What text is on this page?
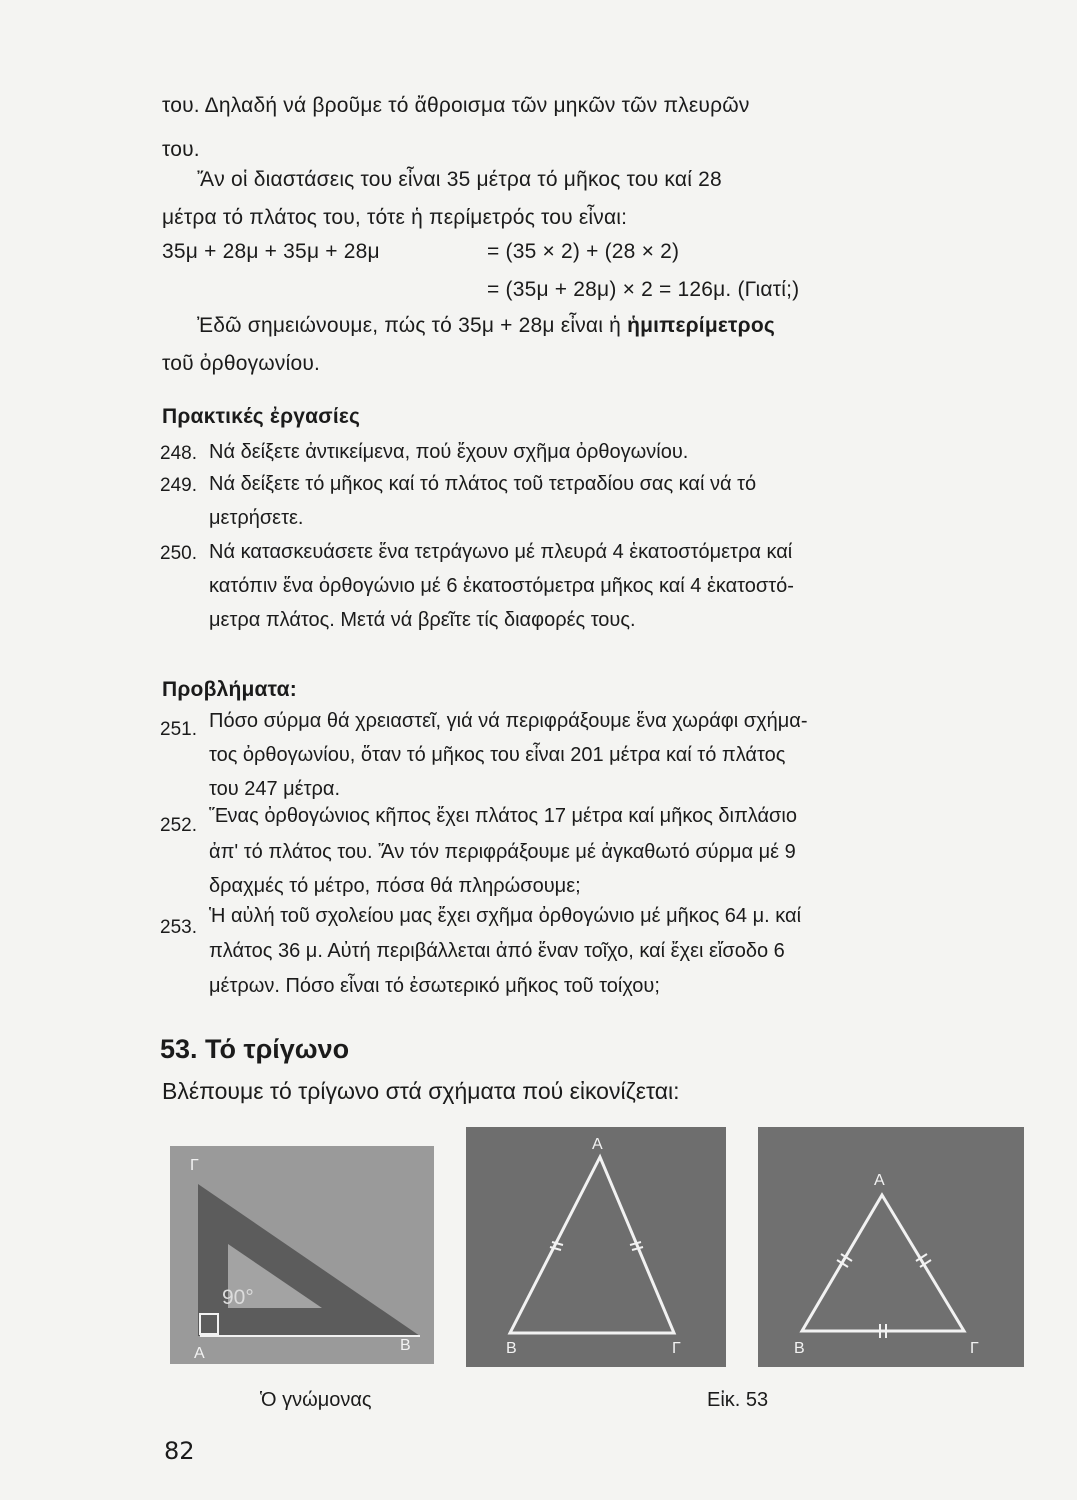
του. Δηλαδή νά βροῦμε τό ἄθροισμα τῶν μηκῶν τῶν πλευρῶν
του.
Ἄν οἱ διαστάσεις του εἶναι 35 μέτρα τό μῆκος του καί 28
μέτρα τό πλάτος του, τότε ἡ περίμετρός του εἶναι:
35μ + 28μ + 35μ + 28μ	= (35 × 2) + (28 × 2)
= (35μ + 28μ) × 2 = 126μ. (Γιατί;)
Ἐδῶ σημειώνουμε, πώς τό 35μ + 28μ εἶναι ἡ ἡμιπερίμετρος
τοῦ ὀρθογωνίου.
Πρακτικές ἐργασίες
248. Νά δείξετε ἀντικείμενα, πού ἔχουν σχῆμα ὀρθογωνίου.
249. Νά δείξετε τό μῆκος καί τό πλάτος τοῦ τετραδίου σας καί νά τό
μετρήσετε.
250. Νά κατασκευάσετε ἕνα τετράγωνο μέ πλευρά 4 ἑκατοστόμετρα καί
κατόπιν ἕνα ὀρθογώνιο μέ 6 ἑκατοστόμετρα μῆκος καί 4 ἑκατοστό-
μετρα πλάτος. Μετά νά βρεῖτε τίς διαφορές τους.
Προβλήματα:
251. Πόσο σύρμα θά χρειαστεῖ, γιά νά περιφράξουμε ἕνα χωράφι σχήμα-
τος ὀρθογωνίου, ὅταν τό μῆκος του εἶναι 201 μέτρα καί τό πλάτος
του 247 μέτρα.
252. Ἕνας ὀρθογώνιος κῆπος ἔχει πλάτος 17 μέτρα καί μῆκος διπλάσιο
ἀπ' τό πλάτος του. Ἄν τόν περιφράξουμε μέ ἀγκαθωτό σύρμα μέ 9
δραχμές τό μέτρο, πόσα θά πληρώσουμε;
253.
Ἡ αὐλή τοῦ σχολείου μας ἔχει σχῆμα ὀρθογώνιο μέ μῆκος 64 μ. καί
πλάτος 36 μ. Αὐτή περιβάλλεται ἀπό ἕναν τοῖχο, καί ἔχει εἴσοδο 6
μέτρων. Πόσο εἶναι τό ἐσωτερικό μῆκος τοῦ τοίχου;
53. Τό τρίγωνο
Βλέπουμε τό τρίγωνο στά σχήματα πού εἰκονίζεται:
Γ
Α	Β
90°
Α
Β	Γ
Α
Β	Γ
Ὁ γνώμονας	Εἰκ. 53
82
